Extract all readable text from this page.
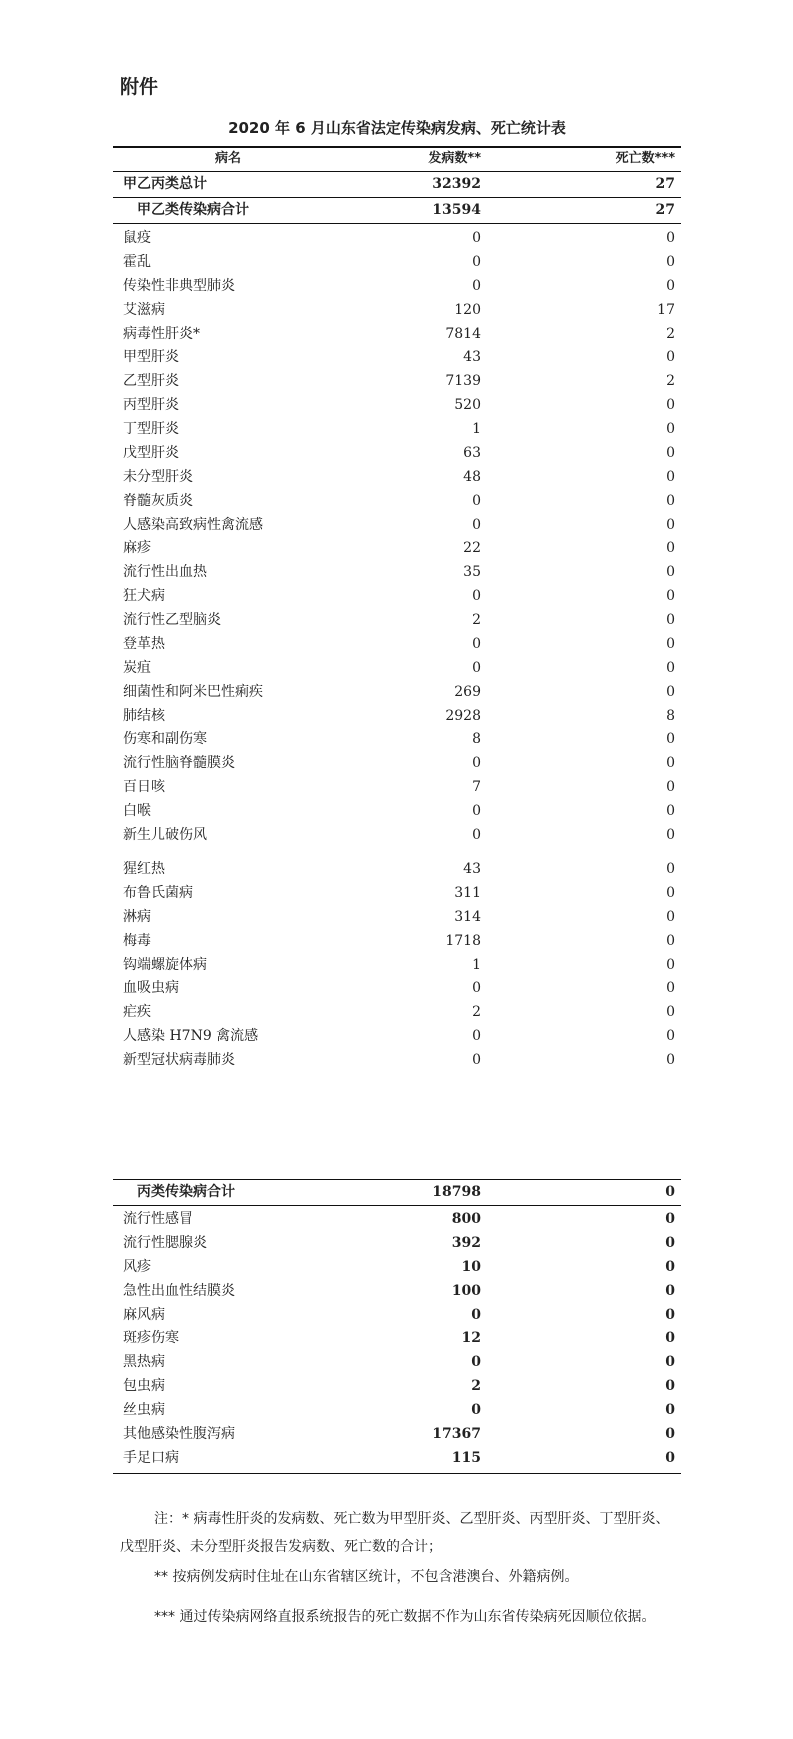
附件
2020 年 6 月山东省法定传染病发病、死亡统计表
病名	发病数**	死亡数***
甲乙丙类总计	32392	27
甲乙类传染病合计	13594	27
鼠疫	0	0
霍乱	0	0
传染性非典型肺炎	0	0
艾滋病	120	17
病毒性肝炎*	7814	2
甲型肝炎	43	0
乙型肝炎	7139	2
丙型肝炎	520	0
丁型肝炎	1	0
戊型肝炎	63	0
未分型肝炎	48	0
脊髓灰质炎	0	0
人感染高致病性禽流感	0	0
麻疹	22	0
流行性出血热	35	0
狂犬病	0	0
流行性乙型脑炎	2	0
登革热	0	0
炭疽	0	0
细菌性和阿米巴性痢疾	269	0
肺结核	2928	8
伤寒和副伤寒	8	0
流行性脑脊髓膜炎	0	0
百日咳	7	0
白喉	0	0
新生儿破伤风	0	0
猩红热	43	0
布鲁氏菌病	311	0
淋病	314	0
梅毒	1718	0
钩端螺旋体病	1	0
血吸虫病	0	0
疟疾	2	0
人感染 H7N9 禽流感	0	0
新型冠状病毒肺炎	0	0
丙类传染病合计	18798	0
流行性感冒	800	0
流行性腮腺炎	392	0
风疹	10	0
急性出血性结膜炎	100	0
麻风病	0	0
斑疹伤寒	12	0
黑热病	0	0
包虫病	2	0
丝虫病	0	0
其他感染性腹泻病	17367	0
手足口病	115	0

注：* 病毒性肝炎的发病数、死亡数为甲型肝炎、乙型肝炎、丙型肝炎、丁型肝炎、戊型肝炎、未分型肝炎报告发病数、死亡数的合计；

** 按病例发病时住址在山东省辖区统计，不包含港澳台、外籍病例。

*** 通过传染病网络直报系统报告的死亡数据不作为山东省传染病死因顺位依据。
